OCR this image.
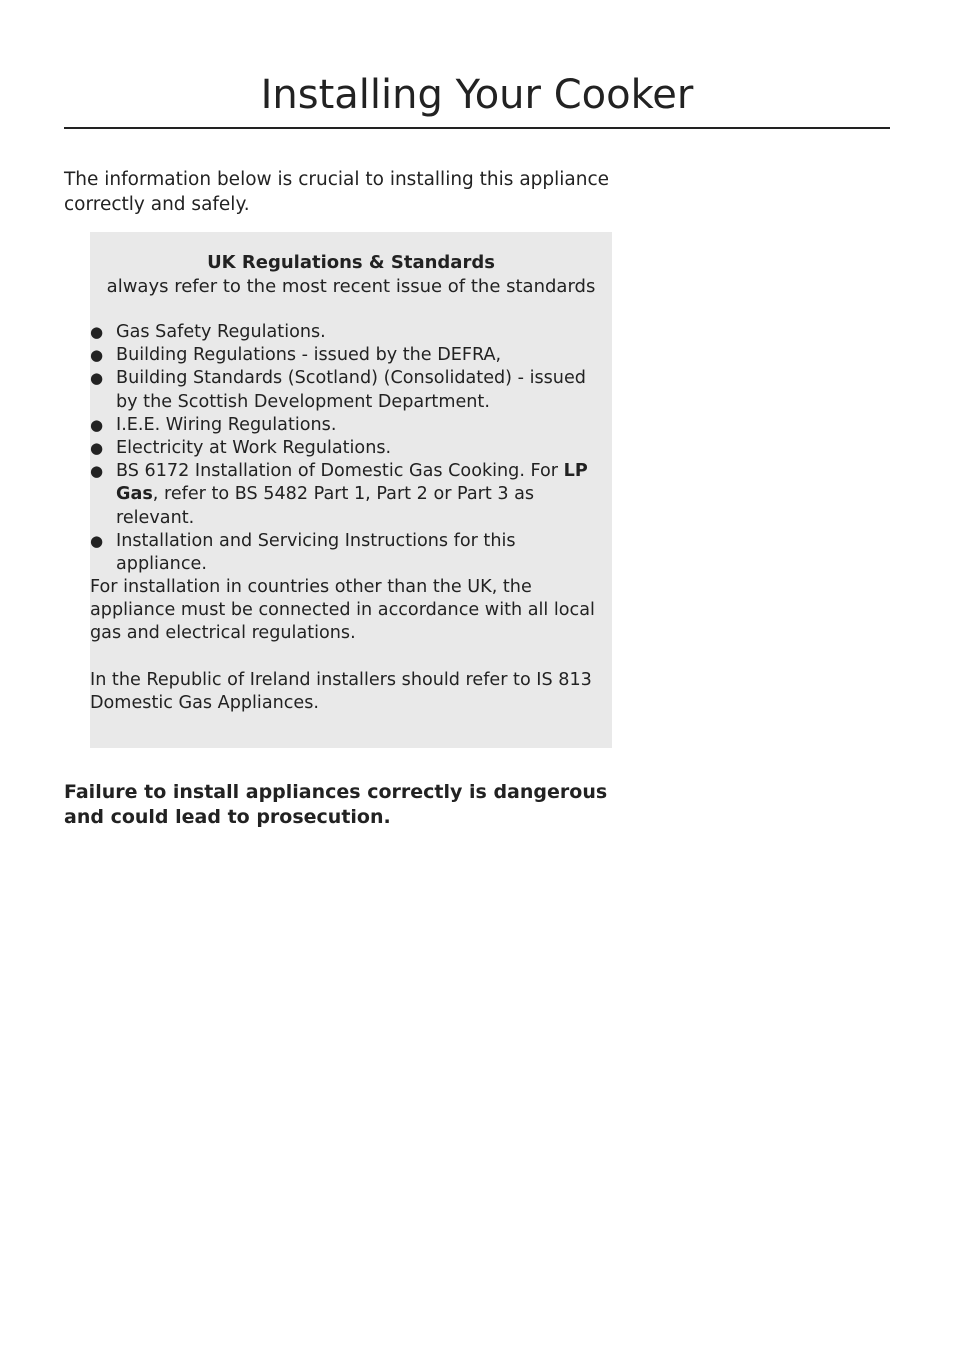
Installing Your Cooker

The information below is crucial to installing this appliance correctly and safely.

UK Regulations & Standards

always refer to the most recent issue of the standards

● Gas Safety Regulations.
● Building Regulations - issued by the DEFRA,
● Building Standards (Scotland) (Consolidated) - issued by the Scottish Development Department.
● I.E.E. Wiring Regulations.
● Electricity at Work Regulations.
● BS 6172 Installation of Domestic Gas Cooking. For LP Gas, refer to BS 5482 Part 1, Part 2 or Part 3 as relevant.
● Installation and Servicing Instructions for this appliance.

For installation in countries other than the UK, the appliance must be connected in accordance with all local gas and electrical regulations.

In the Republic of Ireland installers should refer to IS 813 Domestic Gas Appliances.

Failure to install appliances correctly is dangerous and could lead to prosecution.
